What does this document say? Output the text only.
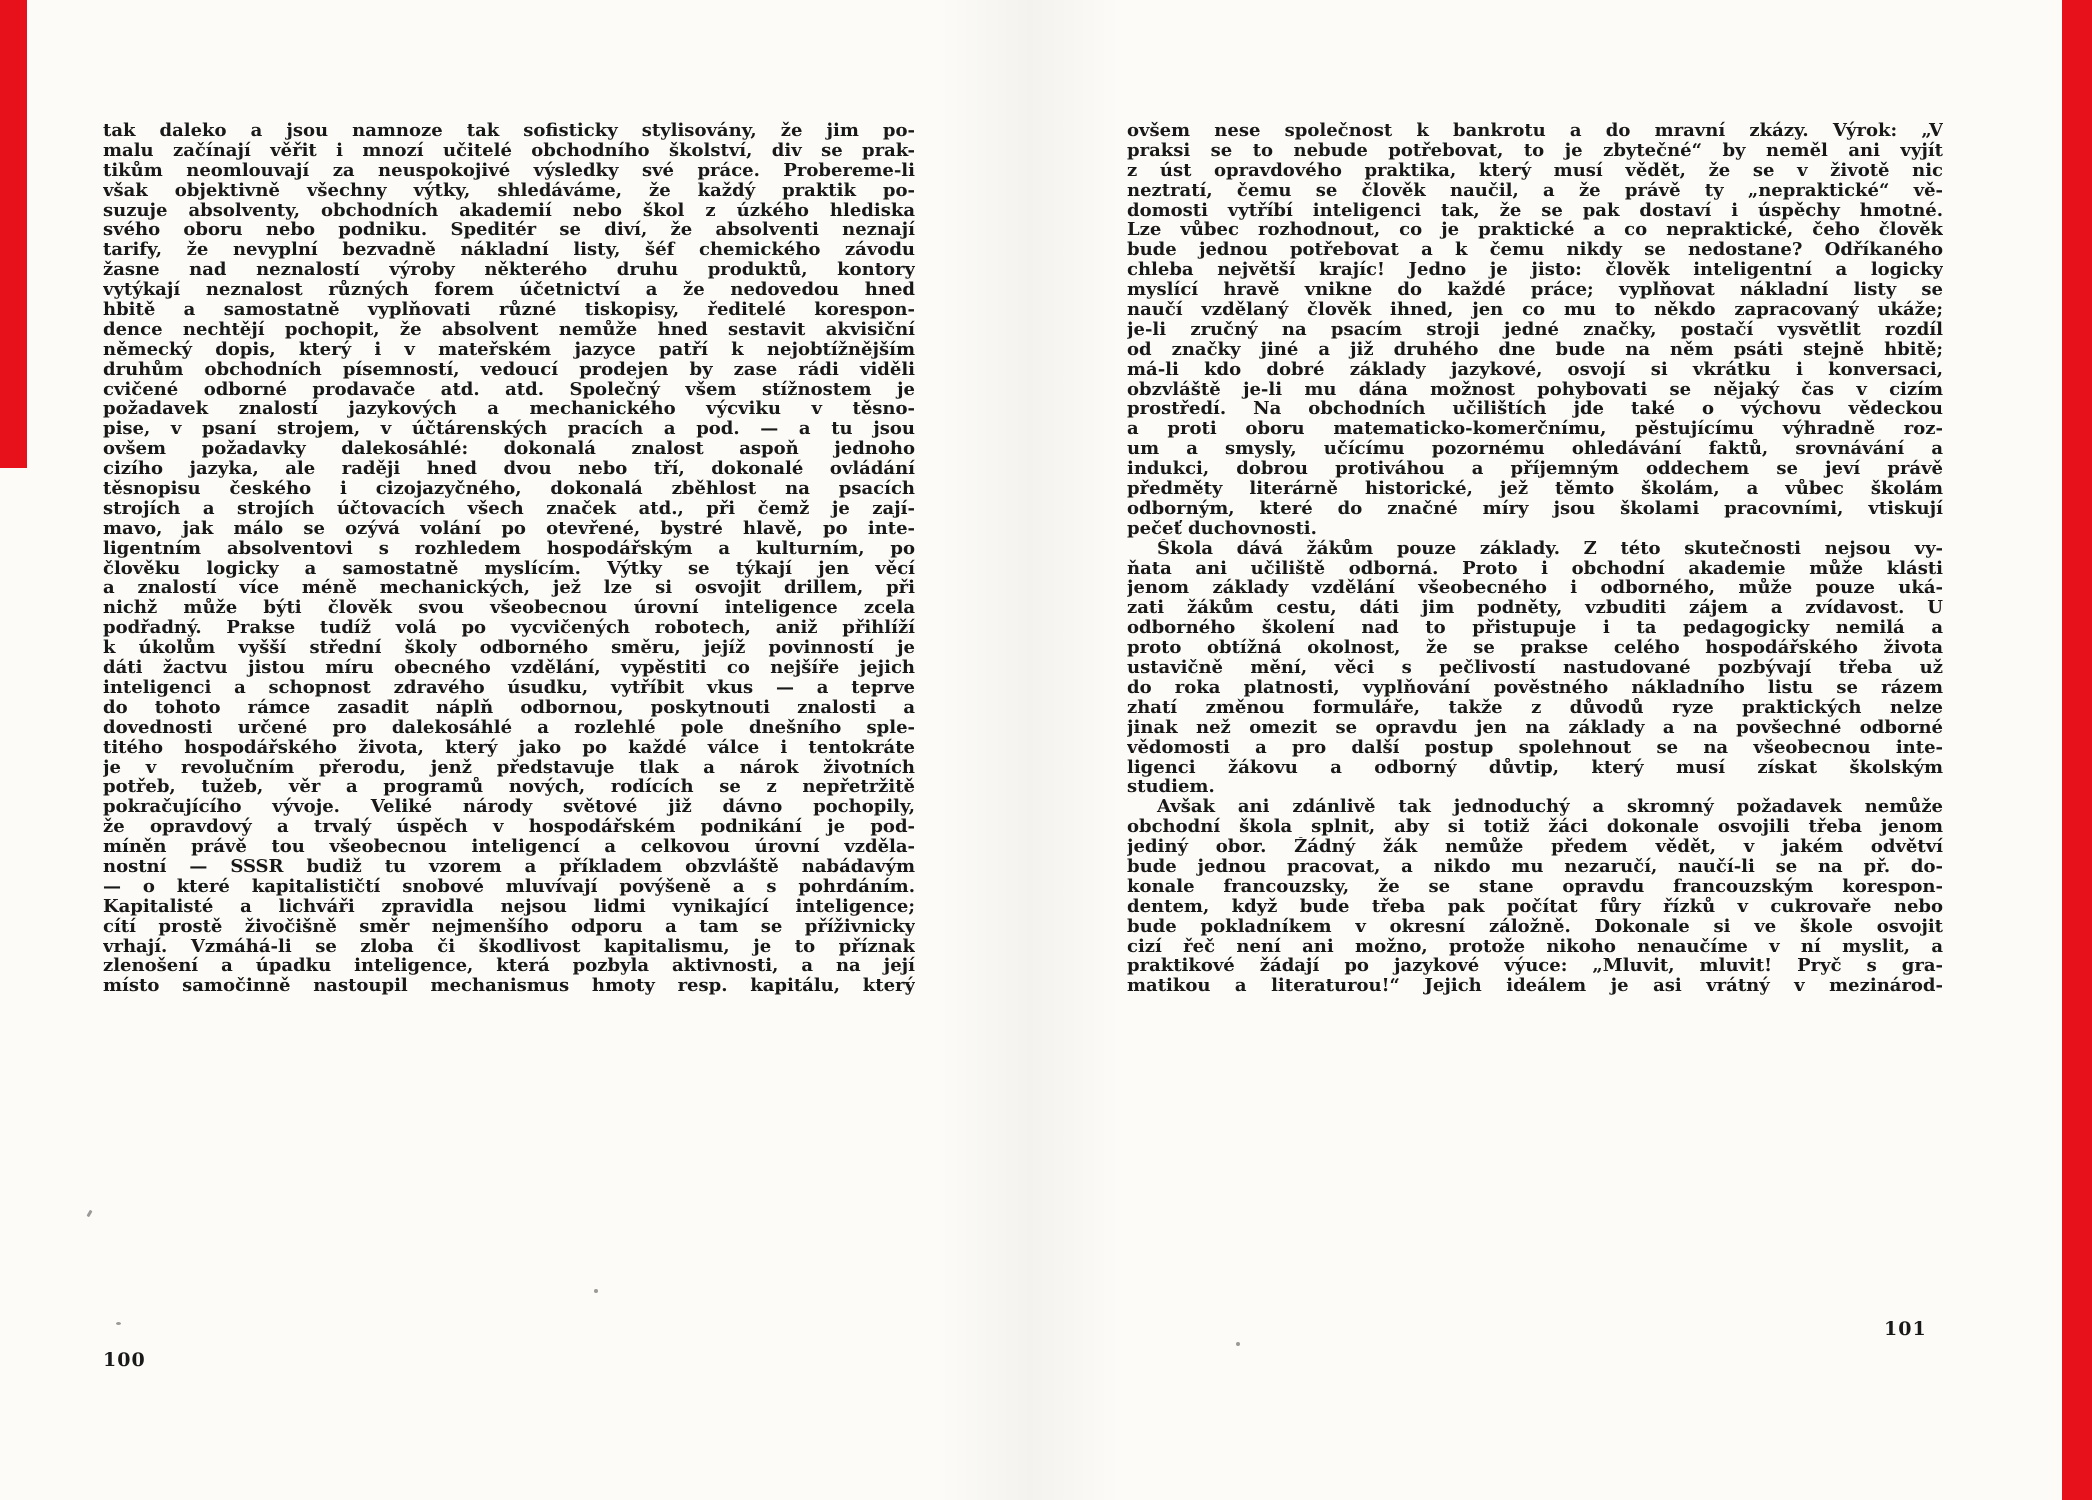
tak daleko a jsou namnoze tak sofisticky stylisovány, že jim po-
malu začínají věřit i mnozí učitelé obchodního školství, div se prak-
tikům neomlouvají za neuspokojivé výsledky své práce. Probereme-li
však objektivně všechny výtky, shledáváme, že každý praktik po-
suzuje absolventy, obchodních akademií nebo škol z úzkého hlediska
svého oboru nebo podniku. Speditér se diví, že absolventi neznají
tarify, že nevyplní bezvadně nákladní listy, šéf chemického závodu
žasne nad neznalostí výroby některého druhu produktů, kontory
vytýkají neznalost různých forem účetnictví a že nedovedou hned
hbitě a samostatně vyplňovati různé tiskopisy, ředitelé korespon-
dence nechtějí pochopit, že absolvent nemůže hned sestavit akvisiční
německý dopis, který i v mateřském jazyce patří k nejobtížnějším
druhům obchodních písemností, vedoucí prodejen by zase rádi viděli
cvičené odborné prodavače atd. atd. Společný všem stížnostem je
požadavek znalostí jazykových a mechanického výcviku v těsno-
pise, v psaní strojem, v účtárenských pracích a pod. — a tu jsou
ovšem požadavky dalekosáhlé: dokonalá znalost aspoň jednoho
cizího jazyka, ale raději hned dvou nebo tří, dokonalé ovládání
těsnopisu českého i cizojazyčného, dokonalá zběhlost na psacích
strojích a strojích účtovacích všech značek atd., při čemž je zají-
mavo, jak málo se ozývá volání po otevřené, bystré hlavě, po inte-
ligentním absolventovi s rozhledem hospodářským a kulturním, po
člověku logicky a samostatně myslícím. Výtky se týkají jen věcí
a znalostí více méně mechanických, jež lze si osvojit drillem, při
nichž může býti člověk svou všeobecnou úrovní inteligence zcela
podřadný. Prakse tudíž volá po vycvičených robotech, aniž přihlíží
k úkolům vyšší střední školy odborného směru, jejíž povinností je
dáti žactvu jistou míru obecného vzdělání, vypěstiti co nejšíře jejich
inteligenci a schopnost zdravého úsudku, vytříbit vkus — a teprve
do tohoto rámce zasadit náplň odbornou, poskytnouti znalosti a
dovednosti určené pro dalekosáhlé a rozlehlé pole dnešního sple-
titého hospodářského života, který jako po každé válce i tentokráte
je v revolučním přerodu, jenž představuje tlak a nárok životních
potřeb, tužeb, věr a programů nových, rodících se z nepřetržitě
pokračujícího vývoje. Veliké národy světové již dávno pochopily,
že opravdový a trvalý úspěch v hospodářském podnikání je pod-
míněn právě tou všeobecnou inteligencí a celkovou úrovní vzděla-
nostní — SSSR budiž tu vzorem a příkladem obzvláště nabádavým
— o které kapitalističtí snobové mluvívají povýšeně a s pohrdáním.
Kapitalisté a lichváři zpravidla nejsou lidmi vynikající inteligence;
cítí prostě živočišně směr nejmenšího odporu a tam se příživnicky
vrhají. Vzmáhá-li se zloba či škodlivost kapitalismu, je to příznak
zlenošení a úpadku inteligence, která pozbyla aktivnosti, a na její
místo samočinně nastoupil mechanismus hmoty resp. kapitálu, který
ovšem nese společnost k bankrotu a do mravní zkázy. Výrok: „V
praksi se to nebude potřebovat, to je zbytečné“ by neměl ani vyjít
z úst opravdového praktika, který musí vědět, že se v životě nic
neztratí, čemu se člověk naučil, a že právě ty „nepraktické“ vě-
domosti vytříbí inteligenci tak, že se pak dostaví i úspěchy hmotné.
Lze vůbec rozhodnout, co je praktické a co nepraktické, čeho člověk
bude jednou potřebovat a k čemu nikdy se nedostane? Odříkaného
chleba největší krajíc! Jedno je jisto: člověk inteligentní a logicky
myslící hravě vnikne do každé práce; vyplňovat nákladní listy se
naučí vzdělaný člověk ihned, jen co mu to někdo zapracovaný ukáže;
je-li zručný na psacím stroji jedné značky, postačí vysvětlit rozdíl
od značky jiné a již druhého dne bude na něm psáti stejně hbitě;
má-li kdo dobré základy jazykové, osvojí si vkrátku i konversaci,
obzvláště je-li mu dána možnost pohybovati se nějaký čas v cizím
prostředí. Na obchodních učilištích jde také o výchovu vědeckou
a proti oboru matematicko-komerčnímu, pěstujícímu výhradně roz-
um a smysly, učícímu pozornému ohledávání faktů, srovnávání a
indukci, dobrou protiváhou a příjemným oddechem se jeví právě
předměty literárně historické, jež těmto školám, a vůbec školám
odborným, které do značné míry jsou školami pracovními, vtiskují
pečeť duchovnosti.
Škola dává žákům pouze základy. Z této skutečnosti nejsou vy-
ňata ani učiliště odborná. Proto i obchodní akademie může klásti
jenom základy vzdělání všeobecného i odborného, může pouze uká-
zati žákům cestu, dáti jim podněty, vzbuditi zájem a zvídavost. U
odborného školení nad to přistupuje i ta pedagogicky nemilá a
proto obtížná okolnost, že se prakse celého hospodářského života
ustavičně mění, věci s pečlivostí nastudované pozbývají třeba už
do roka platnosti, vyplňování pověstného nákladního listu se rázem
zhatí změnou formuláře, takže z důvodů ryze praktických nelze
jinak než omezit se opravdu jen na základy a na povšechné odborné
vědomosti a pro další postup spolehnout se na všeobecnou inte-
ligenci žákovu a odborný důvtip, který musí získat školským
studiem.
Avšak ani zdánlivě tak jednoduchý a skromný požadavek nemůže
obchodní škola splnit, aby si totiž žáci dokonale osvojili třeba jenom
jediný obor. Žádný žák nemůže předem vědět, v jakém odvětví
bude jednou pracovat, a nikdo mu nezaručí, naučí-li se na př. do-
konale francouzsky, že se stane opravdu francouzským korespon-
dentem, když bude třeba pak počítat fůry řízků v cukrovaře nebo
bude pokladníkem v okresní záložně. Dokonale si ve škole osvojit
cizí řeč není ani možno, protože nikoho nenaučíme v ní myslit, a
praktikové žádají po jazykové výuce: „Mluvit, mluvit! Pryč s gra-
matikou a literaturou!“ Jejich ideálem je asi vrátný v mezinárod-
100
101
